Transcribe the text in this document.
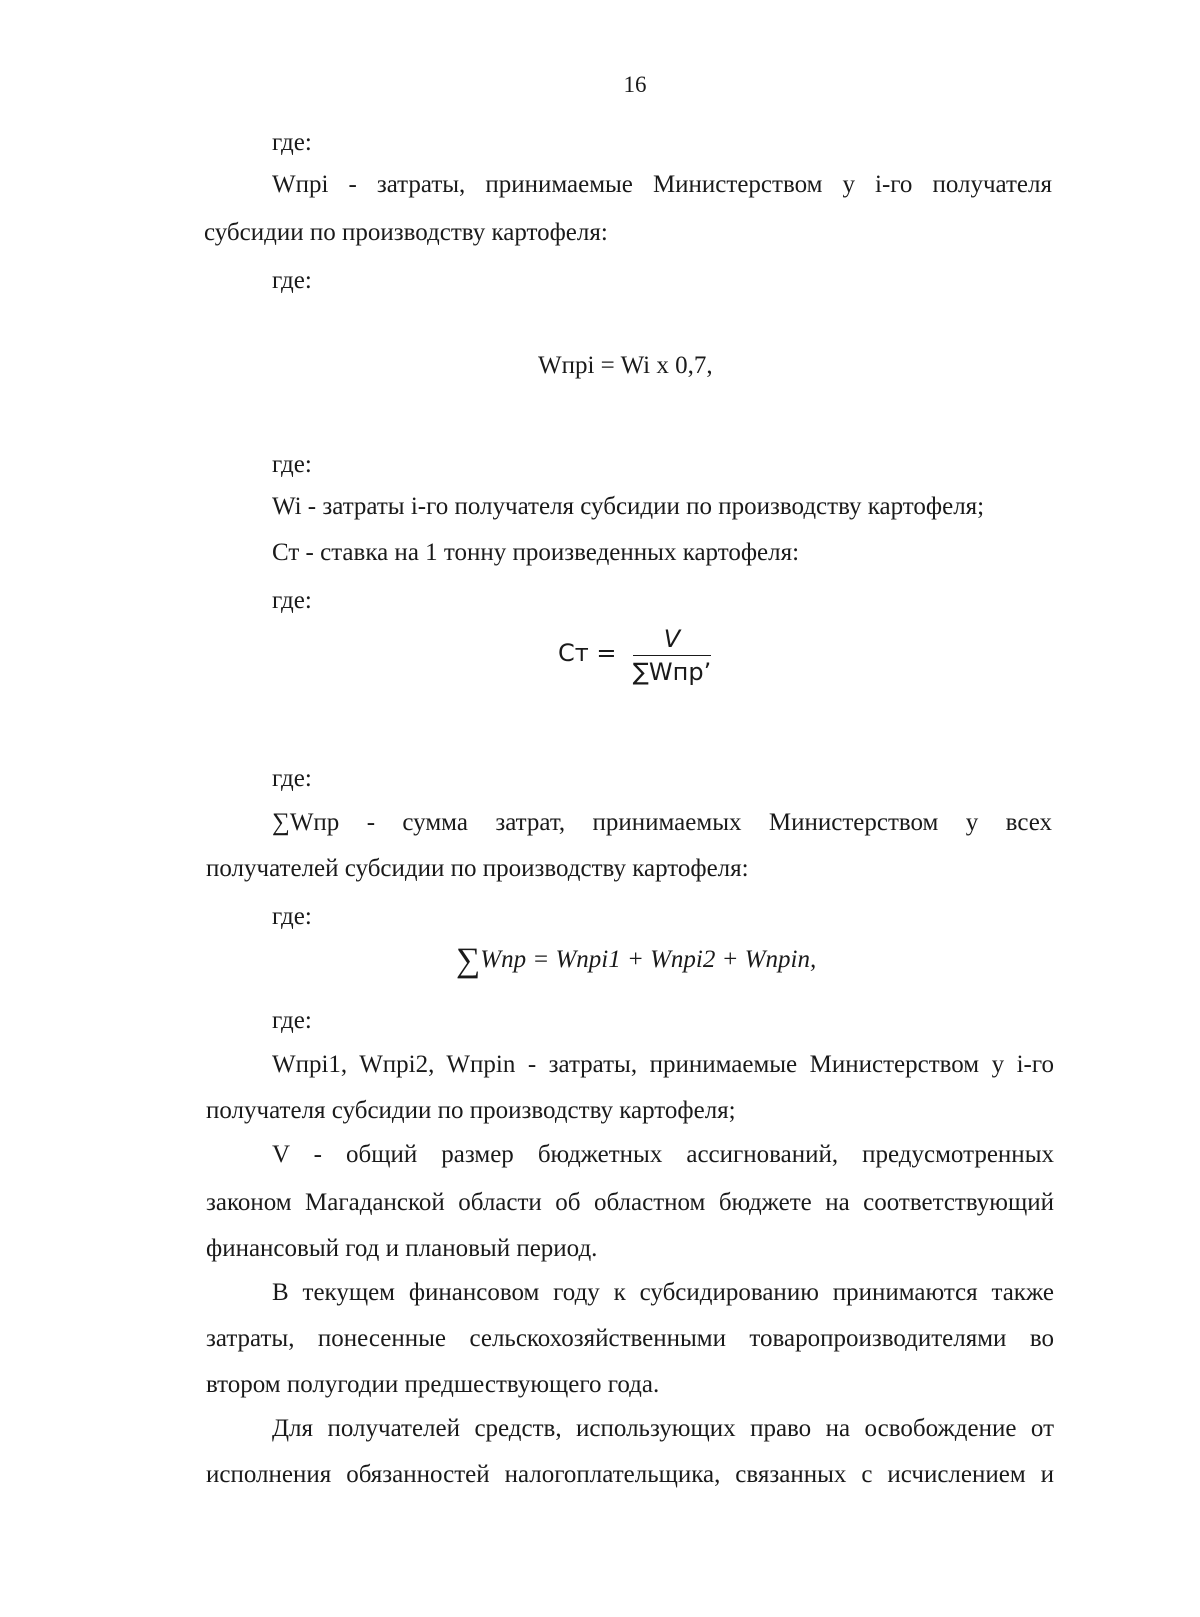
16
где:
Wпрi - затраты, принимаемые Министерством у i-го получателя
субсидии по производству картофеля:
где:
Wпрi = Wi x 0,7,
где:
Wi - затраты i-го получателя субсидии по производству картофеля;
Ст - ставка на 1 тонну произведенных картофеля:
где:
Ст = $\frac{V}{\text{∑Wпр’}}$
где:
∑Wпр - сумма затрат, принимаемых Министерством у всех
получателей субсидии по производству картофеля:
где:
∑Wnp = Wnpi1 + Wnpi2 + Wnpin,
где:
Wпрi1, Wпрi2, Wпрin - затраты, принимаемые Министерством у i-го
получателя субсидии по производству картофеля;
V - общий размер бюджетных ассигнований, предусмотренных
законом Магаданской области об областном бюджете на соответствующий
финансовый год и плановый период.
В текущем финансовом году к субсидированию принимаются также
затраты, понесенные сельскохозяйственными товаропроизводителями во
втором полугодии предшествующего года.
Для получателей средств, использующих право на освобождение от
исполнения обязанностей налогоплательщика, связанных с исчислением и
